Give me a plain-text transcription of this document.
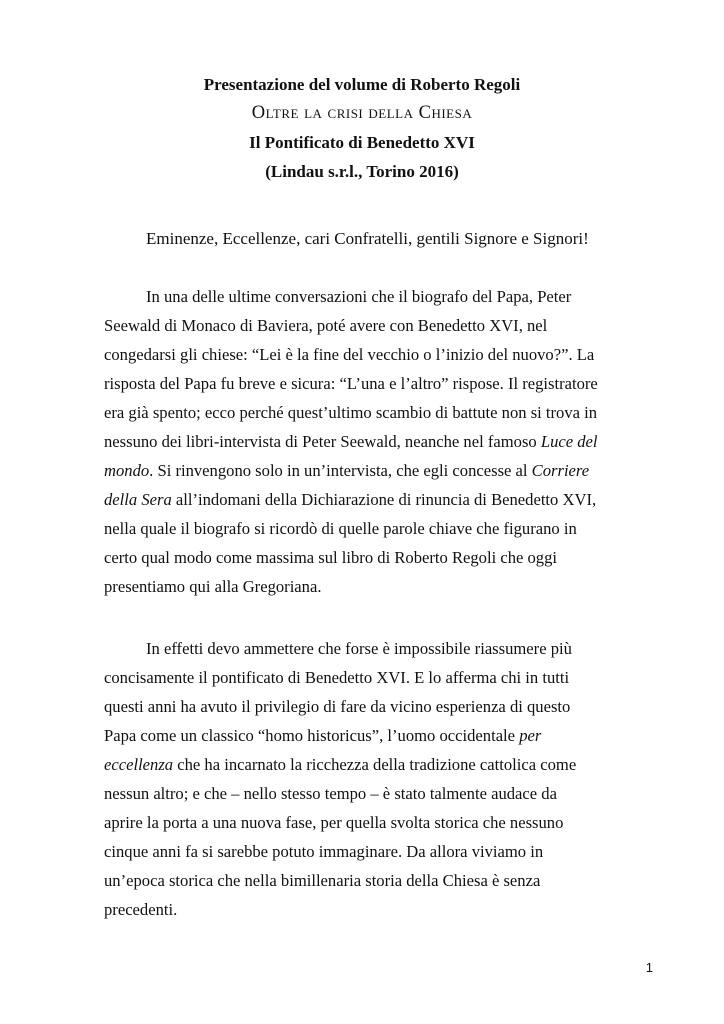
Presentazione del volume di Roberto Regoli
Oltre la crisi della Chiesa
Il Pontificato di Benedetto XVI
(Lindau s.r.l., Torino 2016)
Eminenze, Eccellenze, cari Confratelli, gentili Signore e Signori!
In una delle ultime conversazioni che il biografo del Papa, Peter
Seewald di Monaco di Baviera, poté avere con Benedetto XVI, nel
congedarsi gli chiese: “Lei è la fine del vecchio o l’inizio del nuovo?”. La
risposta del Papa fu breve e sicura: “L’una e l’altro” rispose. Il registratore
era già spento; ecco perché quest’ultimo scambio di battute non si trova in
nessuno dei libri-intervista di Peter Seewald, neanche nel famoso Luce del
mondo. Si rinvengono solo in un’intervista, che egli concesse al Corriere
della Sera all’indomani della Dichiarazione di rinuncia di Benedetto XVI,
nella quale il biografo si ricordò di quelle parole chiave che figurano in
certo qual modo come massima sul libro di Roberto Regoli che oggi
presentiamo qui alla Gregoriana.
In effetti devo ammettere che forse è impossibile riassumere più
concisamente il pontificato di Benedetto XVI. E lo afferma chi in tutti
questi anni ha avuto il privilegio di fare da vicino esperienza di questo
Papa come un classico “homo historicus”, l’uomo occidentale per
eccellenza che ha incarnato la ricchezza della tradizione cattolica come
nessun altro; e che – nello stesso tempo – è stato talmente audace da
aprire la porta a una nuova fase, per quella svolta storica che nessuno
cinque anni fa si sarebbe potuto immaginare. Da allora viviamo in
un’epoca storica che nella bimillenaria storia della Chiesa è senza
precedenti.
1
